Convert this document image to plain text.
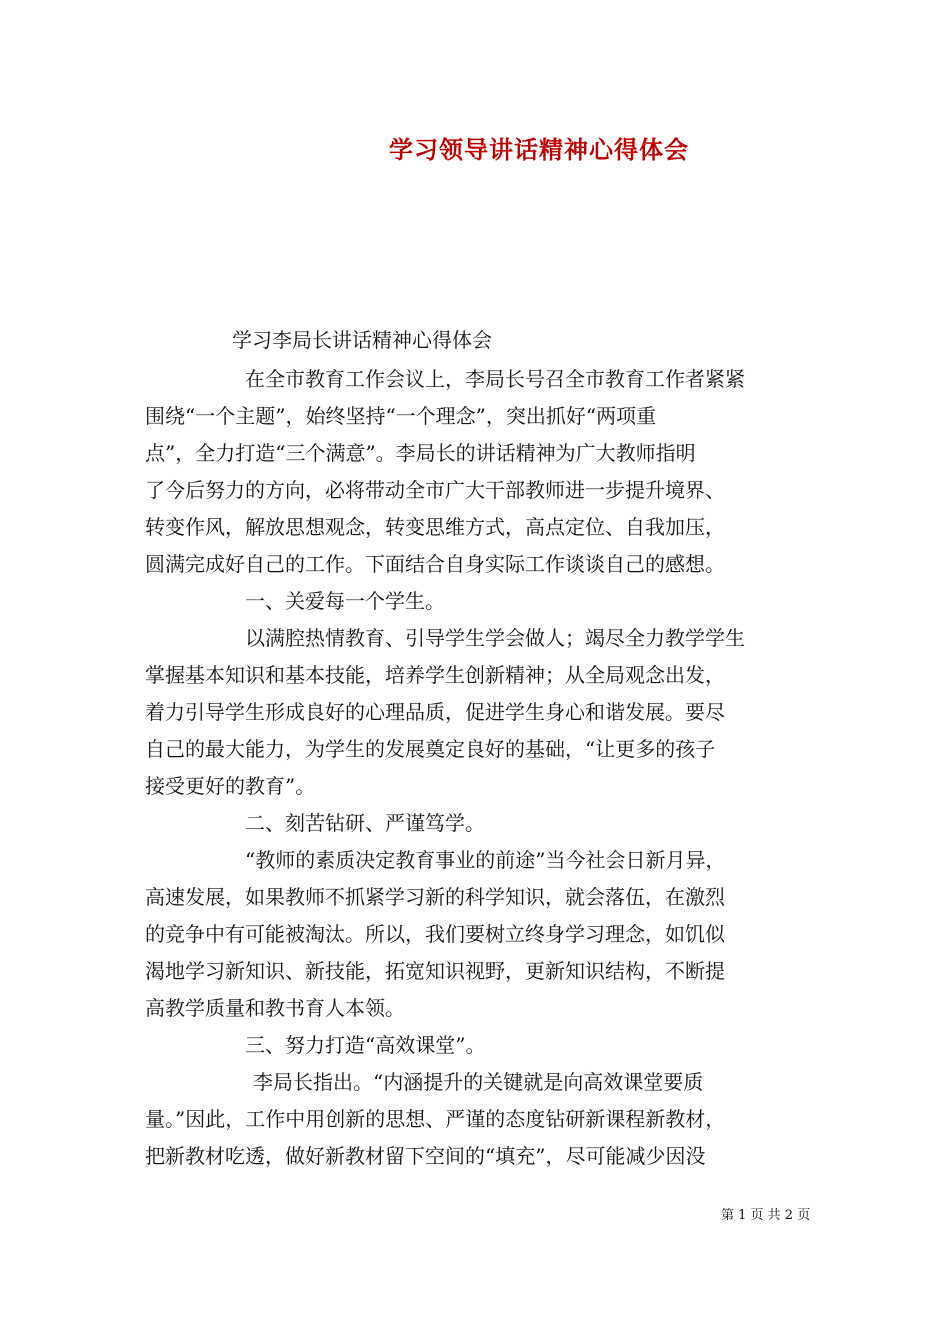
学习领导讲话精神心得体会
学习李局长讲话精神心得体会
在全市教育工作会议上，李局长号召全市教育工作者紧紧
围绕“一个主题”，始终坚持“一个理念”，突出抓好“两项重
点”，全力打造“三个满意”。李局长的讲话精神为广大教师指明
了今后努力的方向，必将带动全市广大干部教师进一步提升境界、
转变作风，解放思想观念，转变思维方式，高点定位、自我加压，
圆满完成好自己的工作。下面结合自身实际工作谈谈自己的感想。
一、关爱每一个学生。
以满腔热情教育、引导学生学会做人；竭尽全力教学学生
掌握基本知识和基本技能，培养学生创新精神；从全局观念出发，
着力引导学生形成良好的心理品质，促进学生身心和谐发展。要尽
自己的最大能力，为学生的发展奠定良好的基础，“让更多的孩子
接受更好的教育”。
二、刻苦钻研、严谨笃学。
“教师的素质决定教育事业的前途”当今社会日新月异，
高速发展，如果教师不抓紧学习新的科学知识，就会落伍，在激烈
的竞争中有可能被淘汰。所以，我们要树立终身学习理念，如饥似
渴地学习新知识、新技能，拓宽知识视野，更新知识结构，不断提
高教学质量和教书育人本领。
三、努力打造“高效课堂”。
李局长指出。“内涵提升的关键就是向高效课堂要质
量。”因此，工作中用创新的思想、严谨的态度钻研新课程新教材，
把新教材吃透，做好新教材留下空间的“填充”，尽可能减少因没
第 1 页 共 2 页
